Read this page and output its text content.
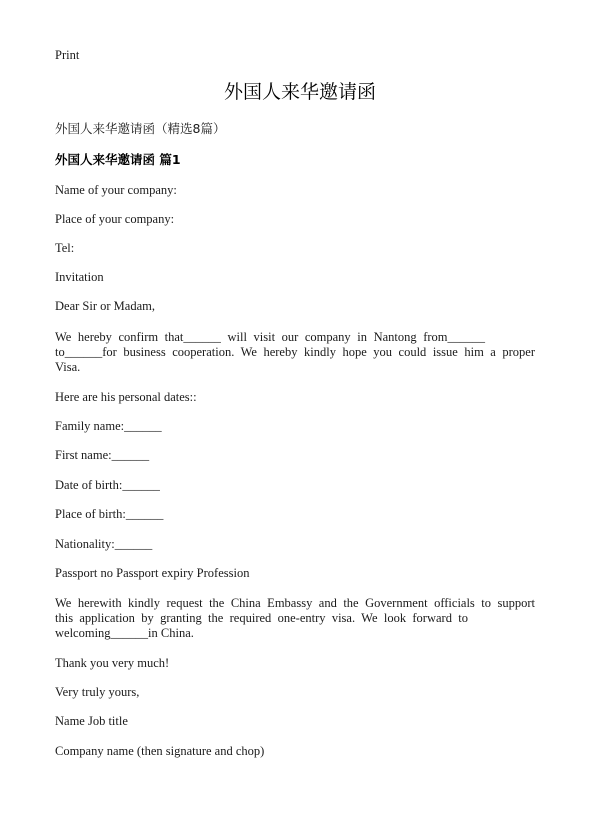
Print
外国人来华邀请函
外国人来华邀请函（精选8篇）
外国人来华邀请函 篇1
Name of your company:
Place of your company:
Tel:
Invitation
Dear Sir or Madam,
We hereby confirm that______ will visit our company in Nantong from______
to______for business cooperation. We hereby kindly hope you could issue him a proper
Visa.
Here are his personal dates::
Family name:______
First name:______
Date of birth:______
Place of birth:______
Nationality:______
Passport no Passport expiry Profession
We herewith kindly request the China Embassy and the Government officials to support
this application by granting the required one-entry visa. We look forward to
welcoming______in China.
Thank you very much!
Very truly yours,
Name Job title
Company name (then signature and chop)
